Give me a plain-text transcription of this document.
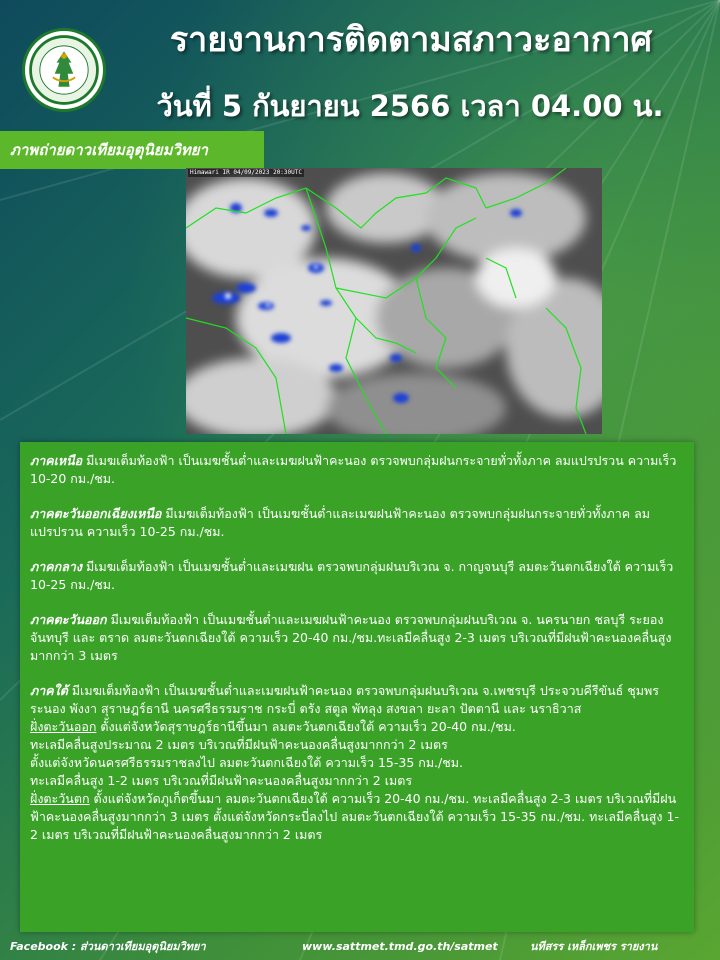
รายงานการติดตามสภาวะอากาศ
วันที่ 5 กันยายน 2566 เวลา 04.00 น.
ภาพถ่ายดาวเทียมอุตุนิยมวิทยา
Himawari IR 04/09/2023 20:30UTC
ภาคเหนือ มีเมฆเต็มท้องฟ้า เป็นเมฆชั้นต่ำและเมฆฝนฟ้าคะนอง ตรวจพบกลุ่มฝนกระจายทั่วทั้งภาค ลมแปรปรวน ความเร็ว 10-20 กม./ชม.
ภาคตะวันออกเฉียงเหนือ มีเมฆเต็มท้องฟ้า เป็นเมฆชั้นต่ำและเมฆฝนฟ้าคะนอง ตรวจพบกลุ่มฝนกระจายทั่วทั้งภาค ลมแปรปรวน ความเร็ว 10-25 กม./ชม.
ภาคกลาง มีเมฆเต็มท้องฟ้า เป็นเมฆชั้นต่ำและเมฆฝน ตรวจพบกลุ่มฝนบริเวณ จ. กาญจนบุรี ลมตะวันตกเฉียงใต้ ความเร็ว 10-25 กม./ชม.
ภาคตะวันออก มีเมฆเต็มท้องฟ้า เป็นเมฆชั้นต่ำและเมฆฝนฟ้าคะนอง ตรวจพบกลุ่มฝนบริเวณ จ. นครนายก ชลบุรี ระยอง จันทบุรี และ ตราด ลมตะวันตกเฉียงใต้ ความเร็ว 20-40 กม./ชม.ทะเลมีคลื่นสูง 2-3 เมตร บริเวณที่มีฝนฟ้าคะนองคลื่นสูงมากกว่า 3 เมตร
ภาคใต้ มีเมฆเต็มท้องฟ้า เป็นเมฆชั้นต่ำและเมฆฝนฟ้าคะนอง ตรวจพบกลุ่มฝนบริเวณ จ.เพชรบุรี ประจวบคีรีขันธ์ ชุมพร ระนอง พังงา สุราษฎร์ธานี นครศรีธรรมราช กระบี่ ตรัง สตูล พัทลุง สงขลา ยะลา ปัตตานี และ นราธิวาส
ฝั่งตะวันออก ตั้งแต่จังหวัดสุราษฎร์ธานีขึ้นมา ลมตะวันตกเฉียงใต้ ความเร็ว 20-40 กม./ชม.
ทะเลมีคลื่นสูงประมาณ 2 เมตร บริเวณที่มีฝนฟ้าคะนองคลื่นสูงมากกว่า 2 เมตร
ตั้งแต่จังหวัดนครศรีธรรมราชลงไป ลมตะวันตกเฉียงใต้ ความเร็ว 15-35 กม./ชม.
ทะเลมีคลื่นสูง 1-2 เมตร บริเวณที่มีฝนฟ้าคะนองคลื่นสูงมากกว่า 2 เมตร
ฝั่งตะวันตก ตั้งแต่จังหวัดภูเก็ตขึ้นมา ลมตะวันตกเฉียงใต้ ความเร็ว 20-40 กม./ชม. ทะเลมีคลื่นสูง 2-3 เมตร บริเวณที่มีฝนฟ้าคะนองคลื่นสูงมากกว่า 3 เมตร ตั้งแต่จังหวัดกระบี่ลงไป ลมตะวันตกเฉียงใต้ ความเร็ว 15-35 กม./ชม. ทะเลมีคลื่นสูง 1-2 เมตร บริเวณที่มีฝนฟ้าคะนองคลื่นสูงมากกว่า 2 เมตร
Facebook : ส่วนดาวเทียมอุตุนิยมวิทยา	www.sattmet.tmd.go.th/satmet	นทีสรร เหล็กเพชร รายงาน
